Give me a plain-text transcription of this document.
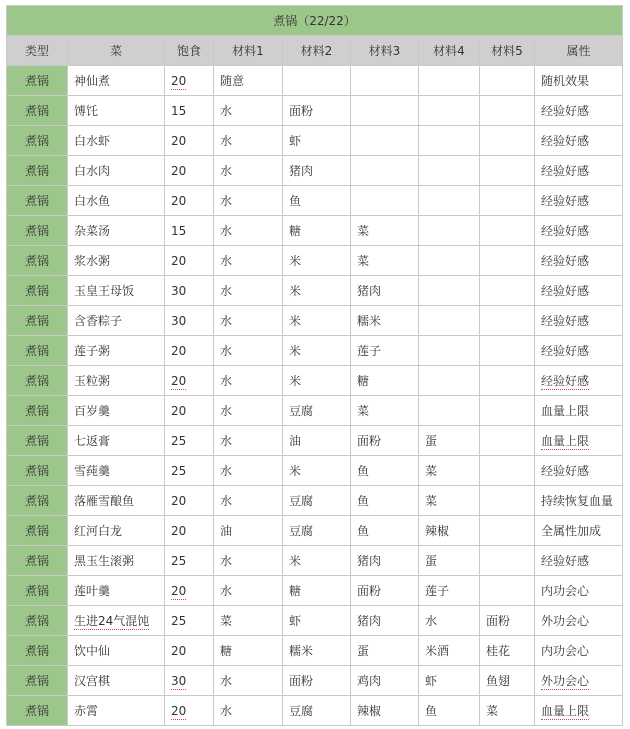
煮锅（22/22）								
类型	菜	饱食	材料1	材料2	材料3	材料4	材料5	属性
煮锅	神仙煮	20	随意					随机效果
煮锅	馎饦	15	水	面粉				经验好感
煮锅	白水虾	20	水	虾				经验好感
煮锅	白水肉	20	水	猪肉				经验好感
煮锅	白水鱼	20	水	鱼				经验好感
煮锅	杂菜汤	15	水	糖	菜			经验好感
煮锅	浆水粥	20	水	米	菜			经验好感
煮锅	玉皇王母饭	30	水	米	猪肉			经验好感
煮锅	含香粽子	30	水	米	糯米			经验好感
煮锅	莲子粥	20	水	米	莲子			经验好感
煮锅	玉粒粥	20	水	米	糖			经验好感
煮锅	百岁羹	20	水	豆腐	菜			血量上限
煮锅	七返膏	25	水	油	面粉	蛋		血量上限
煮锅	雪莼羹	25	水	米	鱼	菜		经验好感
煮锅	落雁雪酿鱼	20	水	豆腐	鱼	菜		持续恢复血量
煮锅	红河白龙	20	油	豆腐	鱼	辣椒		全属性加成
煮锅	黑玉生滚粥	25	水	米	猪肉	蛋		经验好感
煮锅	莲叶羹	20	水	糖	面粉	莲子		内功会心
煮锅	生进24气混饨	25	菜	虾	猪肉	水	面粉	外功会心
煮锅	饮中仙	20	糖	糯米	蛋	米酒	桂花	内功会心
煮锅	汉宫棋	30	水	面粉	鸡肉	虾	鱼翅	外功会心
煮锅	赤霄	20	水	豆腐	辣椒	鱼	菜	血量上限
